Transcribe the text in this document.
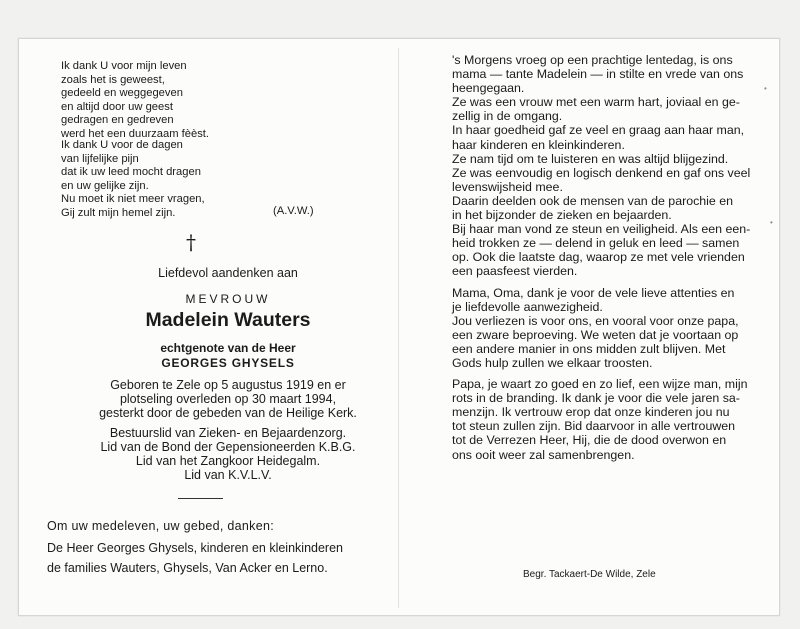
Ik dank U voor mijn leven
zoals het is geweest,
gedeeld en weggegeven
en altijd door uw geest
gedragen en gedreven
werd het een duurzaam fèèst.
Ik dank U voor de dagen
van lijfelijke pijn
dat ik uw leed mocht dragen
en uw gelijke zijn.
Nu moet ik niet meer vragen,
Gij zult mijn hemel zijn.	(A.V.W.)
†
Liefdevol aandenken aan
MEVROUW
Madelein Wauters
echtgenote van de Heer
GEORGES GHYSELS
Geboren te Zele op 5 augustus 1919 en er
plotseling overleden op 30 maart 1994,
gesterkt door de gebeden van de Heilige Kerk.
Bestuurslid van Zieken- en Bejaardenzorg.
Lid van de Bond der Gepensioneerden K.B.G.
Lid van het Zangkoor Heidegalm.
Lid van K.V.L.V.
Om uw medeleven, uw gebed, danken:
De Heer Georges Ghysels, kinderen en kleinkinderen
de families Wauters, Ghysels, Van Acker en Lerno.
's Morgens vroeg op een prachtige lentedag, is ons
mama — tante Madelein — in stilte en vrede van ons
heengegaan.
Ze was een vrouw met een warm hart, joviaal en ge-
zellig in de omgang.
In haar goedheid gaf ze veel en graag aan haar man,
haar kinderen en kleinkinderen.
Ze nam tijd om te luisteren en was altijd blijgezind.
Ze was eenvoudig en logisch denkend en gaf ons veel
levenswijsheid mee.
Daarin deelden ook de mensen van de parochie en
in het bijzonder de zieken en bejaarden.
Bij haar man vond ze steun en veiligheid. Als een een-
heid trokken ze — delend in geluk en leed — samen
op. Ook die laatste dag, waarop ze met vele vrienden
een paasfeest vierden.
Mama, Oma, dank je voor de vele lieve attenties en
je liefdevolle aanwezigheid.
Jou verliezen is voor ons, en vooral voor onze papa,
een zware beproeving. We weten dat je voortaan op
een andere manier in ons midden zult blijven. Met
Gods hulp zullen we elkaar troosten.
Papa, je waart zo goed en zo lief, een wijze man, mijn
rots in de branding. Ik dank je voor die vele jaren sa-
menzijn. Ik vertrouw erop dat onze kinderen jou nu
tot steun zullen zijn. Bid daarvoor in alle vertrouwen
tot de Verrezen Heer, Hij, die de dood overwon en
ons ooit weer zal samenbrengen.
Begr. Tackaert-De Wilde, Zele
•
•
